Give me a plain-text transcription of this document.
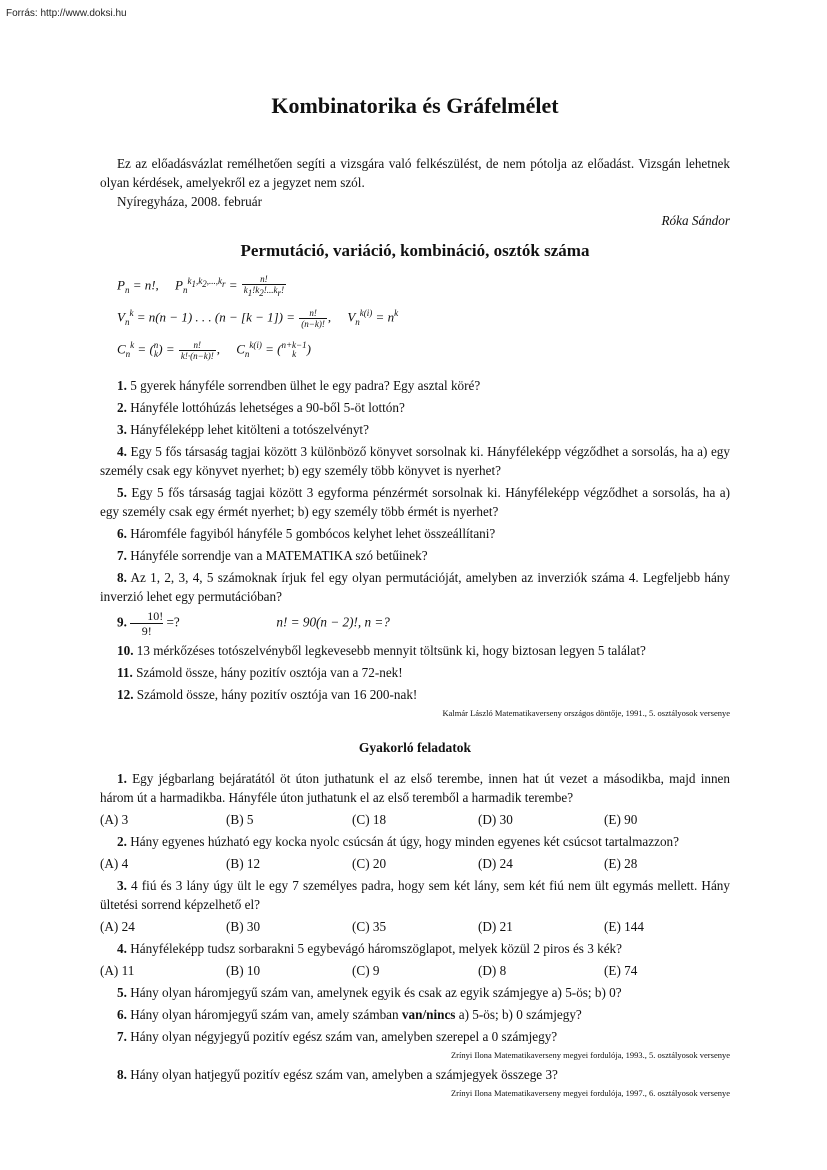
Forrás: http://www.doksi.hu
Kombinatorika és Gráfelmélet

Ez az előadásvázlat remélhetően segíti a vizsgára való felkészülést, de nem pótolja az előadást. Vizsgán lehetnek olyan kérdések, amelyekről ez a jegyzet nem szól.

Nyíregyháza, 2008. február

Róka Sándor

Permutáció, variáció, kombináció, osztók száma
$P_n = n$!,     $P_n^{k_1,k_2,...,k_r} = \frac{n!}{k_1!k_2!...k_r!}$
$V_n^k = n(n - 1)$ . . . $(n - [k - 1]) = \frac{n!}{(n-k)!}$ ,     $V_n^{k(i)} = n^k$
$C_n^k = (n$
$k) = \frac{n!}{k!\cdot(n-k)!}$ ,     $C_n^{k(i)} = (n+k-1$
k )

1. 5 gyerek hányféle sorrendben ülhet le egy padra? Egy asztal köré?

2. Hányféle lottóhúzás lehetséges a 90-ből 5-öt lottón?

3. Hányféleképp lehet kitölteni a totószelvényt?

4. Egy 5 fős társaság tagjai között 3 különböző könyvet sorsolnak ki. Hányféleképp végződhet a sorsolás, ha a) egy személy csak egy könyvet nyerhet; b) egy személy több könyvet is nyerhet?

5. Egy 5 fős társaság tagjai között 3 egyforma pénzérmét sorsolnak ki. Hányféleképp végződhet a sorsolás, ha a) egy személy csak egy érmét nyerhet; b) egy személy több érmét is nyerhet?

6. Háromféle fagyiból hányféle 5 gombócos kelyhet lehet összeállítani?

7. Hányféle sorrendje van a MATEMATIKA szó betűinek?

8. Az 1, 2, 3, 4, 5 számoknak írjuk fel egy olyan permutációját, amelyben az inverziók száma 4. Legfeljebb hány inverzió lehet egy permutációban?

9. $\frac{10!}{9!}$ =?	n! = 90(n − 2)!, n =?

10. 13 mérkőzéses totószelvényből legkevesebb mennyit töltsünk ki, hogy biztosan legyen 5 találat?

11. Számold össze, hány pozitív osztója van a 72-nek!

12. Számold össze, hány pozitív osztója van 16 200-nak!

Kalmár László Matematikaverseny országos döntője, 1991., 5. osztályosok versenye

Gyakorló feladatok

1. Egy jégbarlang bejáratától öt úton juthatunk el az első terembe, innen hat út vezet a másodikba, majd innen három út a harmadikba. Hányféle úton juthatunk el az első teremből a harmadik terembe?

(A) 3	(B) 5	(C) 18	(D) 30	(E) 90

2. Hány egyenes húzható egy kocka nyolc csúcsán át úgy, hogy minden egyenes két csúcsot tartalmazzon?

(A) 4	(B) 12	(C) 20	(D) 24	(E) 28

3. 4 fiú és 3 lány úgy ült le egy 7 személyes padra, hogy sem két lány, sem két fiú nem ült egymás mellett. Hány ültetési sorrend képzelhető el?

(A) 24	(B) 30	(C) 35	(D) 21	(E) 144

4. Hányféleképp tudsz sorbarakni 5 egybevágó háromszöglapot, melyek közül 2 piros és 3 kék?

(A) 11	(B) 10	(C) 9	(D) 8	(E) 74

5. Hány olyan háromjegyű szám van, amelynek egyik és csak az egyik számjegye a) 5-ös; b) 0?

6. Hány olyan háromjegyű szám van, amely számban van/nincs a) 5-ös; b) 0 számjegy?

7. Hány olyan négyjegyű pozitív egész szám van, amelyben szerepel a 0 számjegy?

Zrínyi Ilona Matematikaverseny megyei fordulója, 1993., 5. osztályosok versenye

8. Hány olyan hatjegyű pozitív egész szám van, amelyben a számjegyek összege 3?

Zrínyi Ilona Matematikaverseny megyei fordulója, 1997., 6. osztályosok versenye
